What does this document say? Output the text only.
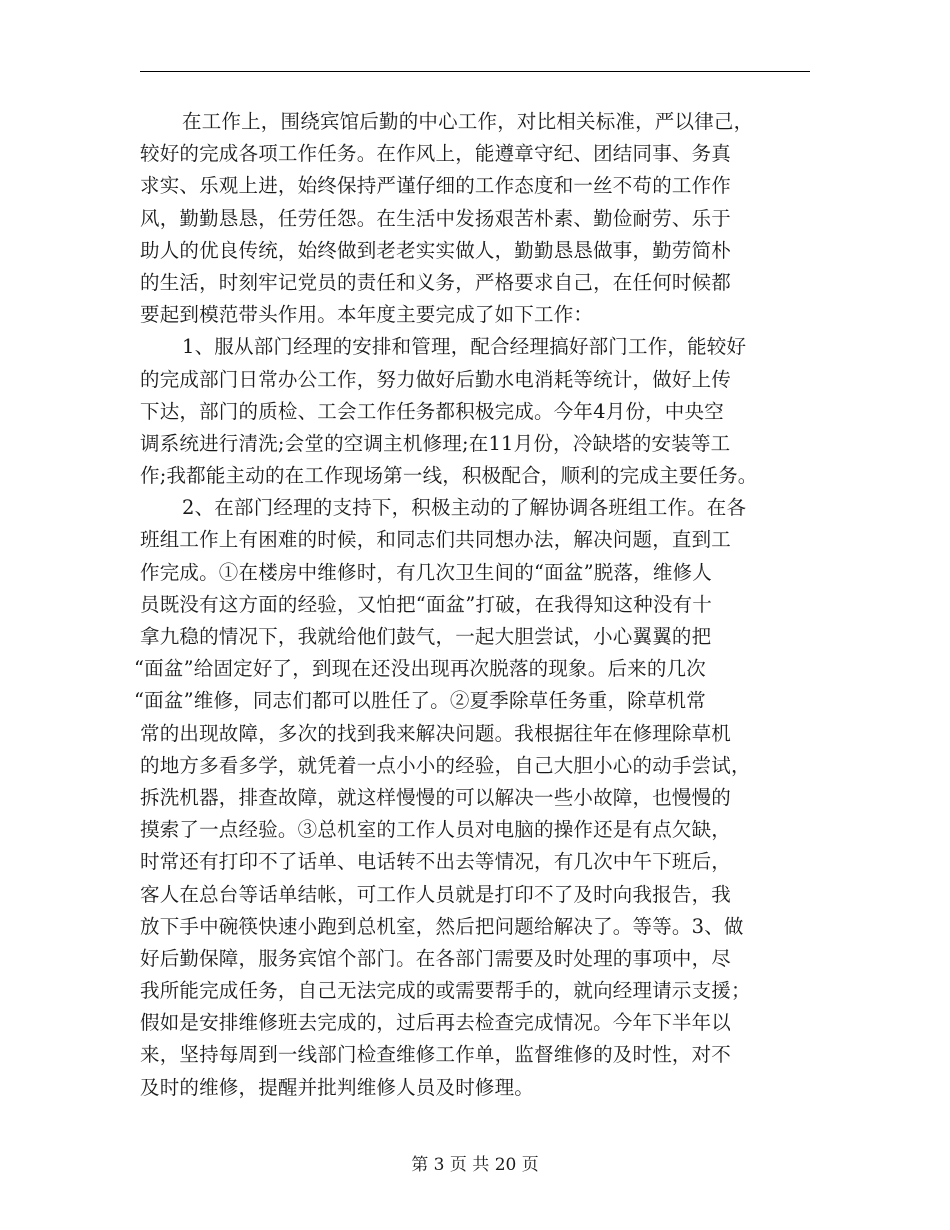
在工作上，围绕宾馆后勤的中心工作，对比相关标准，严以律己，
较好的完成各项工作任务。在作风上，能遵章守纪、团结同事、务真
求实、乐观上进，始终保持严谨仔细的工作态度和一丝不苟的工作作
风，勤勤恳恳，任劳任怨。在生活中发扬艰苦朴素、勤俭耐劳、乐于
助人的优良传统，始终做到老老实实做人，勤勤恳恳做事，勤劳简朴
的生活，时刻牢记党员的责任和义务，严格要求自己，在任何时候都
要起到模范带头作用。本年度主要完成了如下工作：
1、服从部门经理的安排和管理，配合经理搞好部门工作，能较好
的完成部门日常办公工作，努力做好后勤水电消耗等统计，做好上传
下达，部门的质检、工会工作任务都积极完成。今年4月份，中央空
调系统进行清洗;会堂的空调主机修理;在11月份，冷缺塔的安装等工
作;我都能主动的在工作现场第一线，积极配合，顺利的完成主要任务。
2、在部门经理的支持下，积极主动的了解协调各班组工作。在各
班组工作上有困难的时候，和同志们共同想办法，解决问题，直到工
作完成。①在楼房中维修时，有几次卫生间的“面盆”脱落，维修人
员既没有这方面的经验，又怕把“面盆”打破，在我得知这种没有十
拿九稳的情况下，我就给他们鼓气，一起大胆尝试，小心翼翼的把
“面盆”给固定好了，到现在还没出现再次脱落的现象。后来的几次
“面盆”维修，同志们都可以胜任了。②夏季除草任务重，除草机常
常的出现故障，多次的找到我来解决问题。我根据往年在修理除草机
的地方多看多学，就凭着一点小小的经验，自己大胆小心的动手尝试，
拆洗机器，排查故障，就这样慢慢的可以解决一些小故障，也慢慢的
摸索了一点经验。③总机室的工作人员对电脑的操作还是有点欠缺，
时常还有打印不了话单、电话转不出去等情况，有几次中午下班后，
客人在总台等话单结帐，可工作人员就是打印不了及时向我报告，我
放下手中碗筷快速小跑到总机室，然后把问题给解决了。等等。3、做
好后勤保障，服务宾馆个部门。在各部门需要及时处理的事项中，尽
我所能完成任务，自己无法完成的或需要帮手的，就向经理请示支援；
假如是安排维修班去完成的，过后再去检查完成情况。今年下半年以
来，坚持每周到一线部门检查维修工作单，监督维修的及时性，对不
及时的维修，提醒并批判维修人员及时修理。
第 3 页 共 20 页
